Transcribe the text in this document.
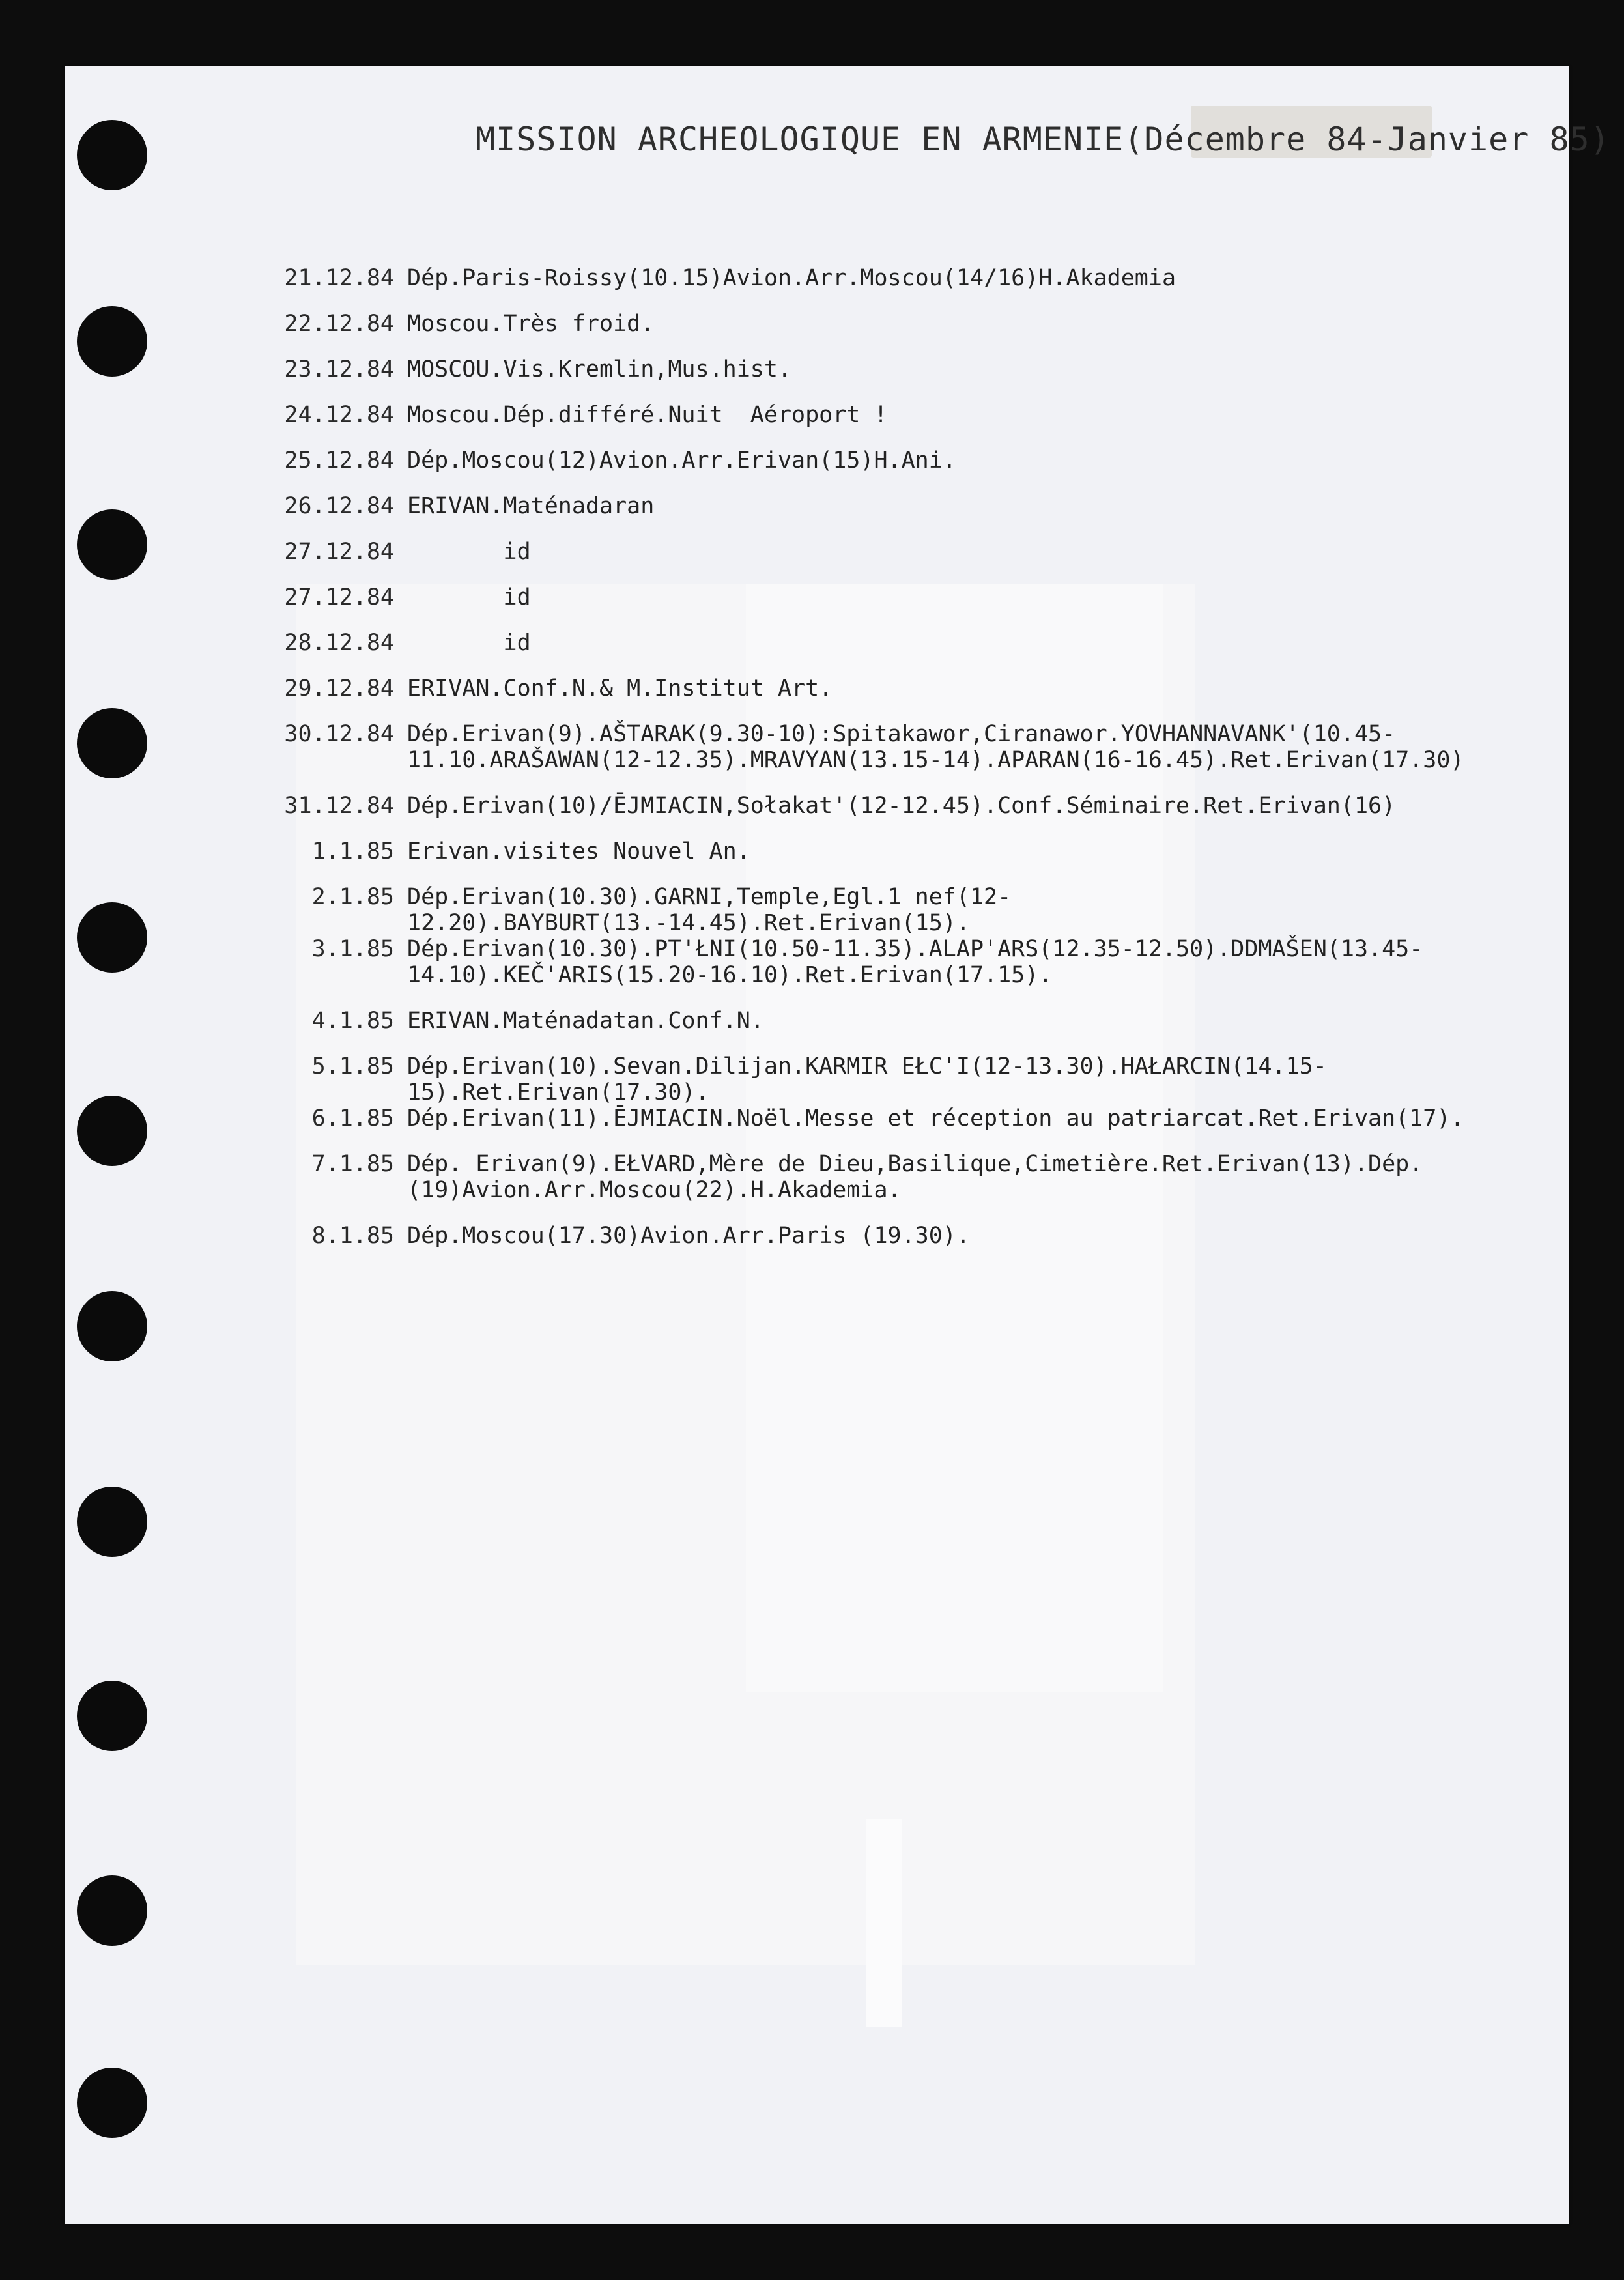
MISSION ARCHEOLOGIQUE EN ARMENIE(Décembre 84-Janvier 85)
21.12.84 Dép.Paris-Roissy(10.15)Avion.Arr.Moscou(14/16)H.Akademia
22.12.84 Moscou.Très froid.
23.12.84 MOSCOU.Vis.Kremlin,Mus.hist.
24.12.84 Moscou.Dép.différé.Nuit  Aéroport !
25.12.84 Dép.Moscou(12)Avion.Arr.Erivan(15)H.Ani.
26.12.84 ERIVAN.Maténadaran
27.12.84 id
27.12.84 id
28.12.84 id
29.12.84 ERIVAN.Conf.N.& M.Institut Art.
30.12.84 Dép.Erivan(9).AŠTARAK(9.30-10):Spitakawor,Ciranawor.YOVHANNAVANK'(10.45-11.10.ARAŠAWAN(12-12.35).MRAVYAN(13.15-14).APARAN(16-16.45).Ret.Erivan(17.30)
31.12.84 Dép.Erivan(10)/ĒJMIACIN,Sołakat'(12-12.45).Conf.Séminaire.Ret.Erivan(16)
1.1.85 Erivan.visites Nouvel An.
2.1.85 Dép.Erivan(10.30).GARNI,Temple,Egl.1 nef(12-12.20).BAYBURT(13.-14.45).Ret.Erivan(15).
3.1.85 Dép.Erivan(10.30).PT'ŁNI(10.50-11.35).ALAP'ARS(12.35-12.50).DDMAŠEN(13.45-14.10).KEČ'ARIS(15.20-16.10).Ret.Erivan(17.15).
4.1.85 ERIVAN.Maténadatan.Conf.N.
5.1.85 Dép.Erivan(10).Sevan.Dilijan.KARMIR EŁC'I(12-13.30).HAŁARCIN(14.15-15).Ret.Erivan(17.30).
6.1.85 Dép.Erivan(11).ĒJMIACIN.Noël.Messe et réception au patriarcat.Ret.Erivan(17).
7.1.85 Dép. Erivan(9).EŁVARD,Mère de Dieu,Basilique,Cimetière.Ret.Erivan(13).Dép.(19)Avion.Arr.Moscou(22).H.Akademia.
8.1.85 Dép.Moscou(17.30)Avion.Arr.Paris (19.30).
